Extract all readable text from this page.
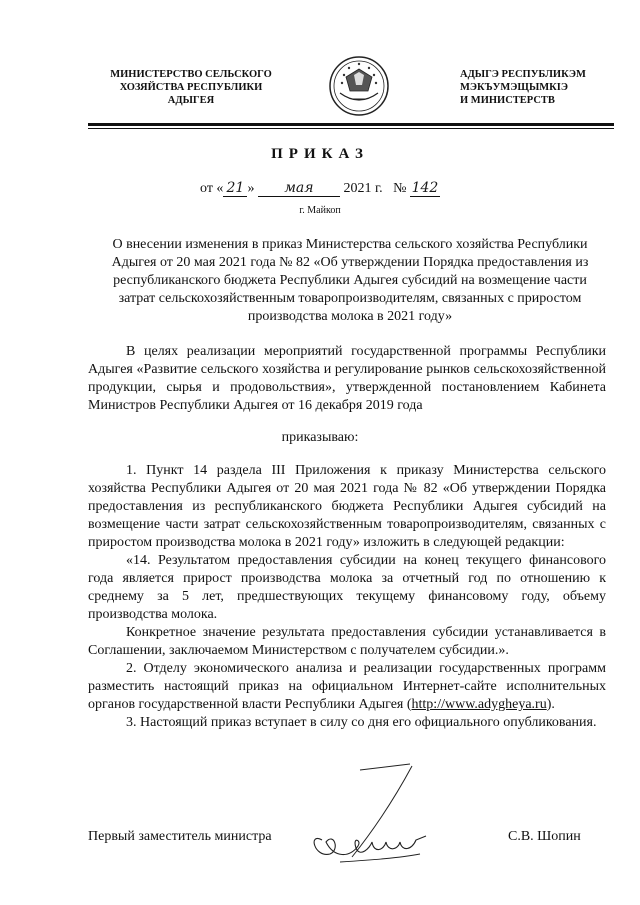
МИНИСТЕРСТВО СЕЛЬСКОГО
ХОЗЯЙСТВА РЕСПУБЛИКИ
АДЫГЕЯ
АДЫГЭ РЕСПУБЛИКЭМ
МЭКЪУМЭЩЫМКIЭ
И МИНИСТЕРСТВ
ПРИКАЗ
от « 21 » мая 2021 г. № 142
г. Майкоп
О внесении изменения в приказ Министерства сельского хозяйства Республики Адыгея от 20 мая 2021 года № 82 «Об утверждении Порядка предоставления из республиканского бюджета Республики Адыгея субсидий на возмещение части затрат сельскохозяйственным товаропроизводителям, связанных с приростом производства молока в 2021 году»

В целях реализации мероприятий государственной программы Республики Адыгея «Развитие сельского хозяйства и регулирование рынков сельскохозяйственной продукции, сырья и продовольствия», утвержденной постановлением Кабинета Министров Республики Адыгея от 16 декабря 2019 года

приказываю:

1. Пункт 14 раздела III Приложения к приказу Министерства сельского хозяйства Республики Адыгея от 20 мая 2021 года № 82 «Об утверждении Порядка предоставления из республиканского бюджета Республики Адыгея субсидий на возмещение части затрат сельскохозяйственным товаропроизводителям, связанных с приростом производства молока в 2021 году» изложить в следующей редакции:

«14. Результатом предоставления субсидии на конец текущего финансового года является прирост производства молока за отчетный год по отношению к среднему за 5 лет, предшествующих текущему финансовому году, объему производства молока.

Конкретное значение результата предоставления субсидии устанавливается в Соглашении, заключаемом Министерством с получателем субсидии.».

2. Отделу экономического анализа и реализации государственных программ разместить настоящий приказ на официальном Интернет-сайте исполнительных органов государственной власти Республики Адыгея (http://www.adygheya.ru).

3. Настоящий приказ вступает в силу со дня его официального опубликования.

Первый заместитель министра	С.В. Шопин
